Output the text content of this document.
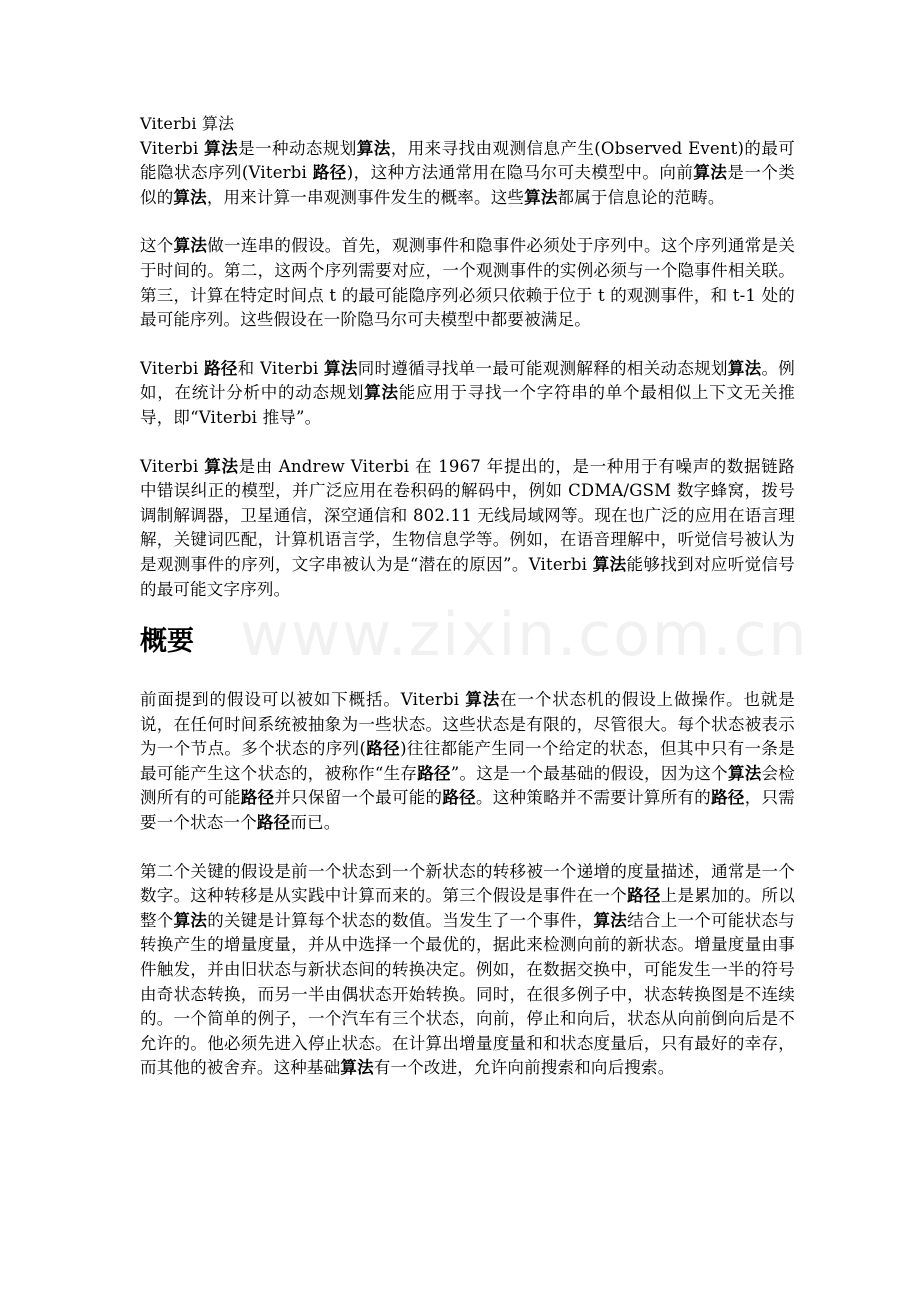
www.zixin.com.cn

Viterbi 算法

Viterbi 算法是一种动态规划算法，用来寻找由观测信息产生(Observed Event)的最可能隐状态序列(Viterbi 路径)，这种方法通常用在隐马尔可夫模型中。向前算法是一个类似的算法，用来计算一串观测事件发生的概率。这些算法都属于信息论的范畴。

这个算法做一连串的假设。首先，观测事件和隐事件必须处于序列中。这个序列通常是关于时间的。第二，这两个序列需要对应，一个观测事件的实例必须与一个隐事件相关联。第三，计算在特定时间点 t 的最可能隐序列必须只依赖于位于 t 的观测事件，和 t-1 处的最可能序列。这些假设在一阶隐马尔可夫模型中都要被满足。

Viterbi 路径和 Viterbi 算法同时遵循寻找单一最可能观测解释的相关动态规划算法。例如，在统计分析中的动态规划算法能应用于寻找一个字符串的单个最相似上下文无关推导，即“Viterbi 推导”。

Viterbi 算法是由 Andrew Viterbi 在 1967 年提出的，是一种用于有噪声的数据链路中错误纠正的模型，并广泛应用在卷积码的解码中，例如 CDMA/GSM 数字蜂窝，拨号调制解调器，卫星通信，深空通信和 802.11 无线局域网等。现在也广泛的应用在语言理解，关键词匹配，计算机语言学，生物信息学等。例如，在语音理解中，听觉信号被认为是观测事件的序列，文字串被认为是“潜在的原因”。Viterbi 算法能够找到对应听觉信号的最可能文字序列。

概要

前面提到的假设可以被如下概括。Viterbi 算法在一个状态机的假设上做操作。也就是说，在任何时间系统被抽象为一些状态。这些状态是有限的，尽管很大。每个状态被表示为一个节点。多个状态的序列(路径)往往都能产生同一个给定的状态，但其中只有一条是最可能产生这个状态的，被称作“生存路径”。这是一个最基础的假设，因为这个算法会检测所有的可能路径并只保留一个最可能的路径。这种策略并不需要计算所有的路径，只需要一个状态一个路径而已。

第二个关键的假设是前一个状态到一个新状态的转移被一个递增的度量描述，通常是一个数字。这种转移是从实践中计算而来的。第三个假设是事件在一个路径上是累加的。所以整个算法的关键是计算每个状态的数值。当发生了一个事件，算法结合上一个可能状态与转换产生的增量度量，并从中选择一个最优的，据此来检测向前的新状态。增量度量由事件触发，并由旧状态与新状态间的转换决定。例如，在数据交换中，可能发生一半的符号由奇状态转换，而另一半由偶状态开始转换。同时，在很多例子中，状态转换图是不连续的。一个简单的例子，一个汽车有三个状态，向前，停止和向后，状态从向前倒向后是不允许的。他必须先进入停止状态。在计算出增量度量和和状态度量后，只有最好的幸存，而其他的被舍弃。这种基础算法有一个改进，允许向前搜索和向后搜索。
